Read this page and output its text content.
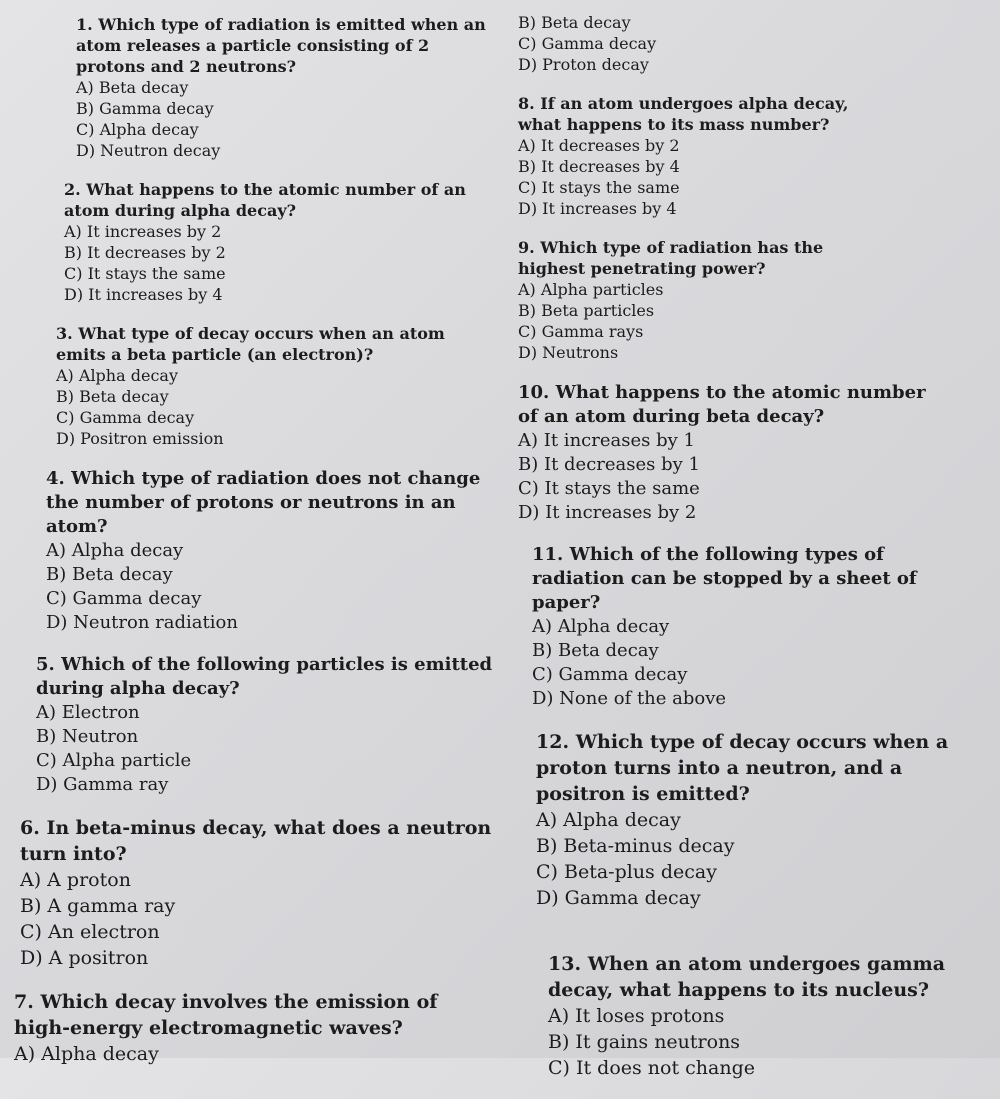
1. Which type of radiation is emitted when an atom releases a particle consisting of 2 protons and 2 neutrons?

A) Beta decay
B) Gamma decay
C) Alpha decay
D) Neutron decay

2. What happens to the atomic number of an atom during alpha decay?

A) It increases by 2
B) It decreases by 2
C) It stays the same
D) It increases by 4

3. What type of decay occurs when an atom emits a beta particle (an electron)?

A) Alpha decay
B) Beta decay
C) Gamma decay
D) Positron emission

4. Which type of radiation does not change the number of protons or neutrons in an atom?

A) Alpha decay
B) Beta decay
C) Gamma decay
D) Neutron radiation

5. Which of the following particles is emitted during alpha decay?

A) Electron
B) Neutron
C) Alpha particle
D) Gamma ray

6. In beta-minus decay, what does a neutron turn into?

A) A proton
B) A gamma ray
C) An electron
D) A positron

7. Which decay involves the emission of high-energy electromagnetic waves?

A) Alpha decay
B) Beta decay
C) Gamma decay
D) Proton decay

8. If an atom undergoes alpha decay, what happens to its mass number?

A) It decreases by 2
B) It decreases by 4
C) It stays the same
D) It increases by 4

9. Which type of radiation has the highest penetrating power?

A) Alpha particles
B) Beta particles
C) Gamma rays
D) Neutrons

10. What happens to the atomic number of an atom during beta decay?

A) It increases by 1
B) It decreases by 1
C) It stays the same
D) It increases by 2

11. Which of the following types of radiation can be stopped by a sheet of paper?

A) Alpha decay
B) Beta decay
C) Gamma decay
D) None of the above

12. Which type of decay occurs when a proton turns into a neutron, and a positron is emitted?

A) Alpha decay
B) Beta-minus decay
C) Beta-plus decay
D) Gamma decay

13. When an atom undergoes gamma decay, what happens to its nucleus?

A) It loses protons
B) It gains neutrons
C) It does not change
